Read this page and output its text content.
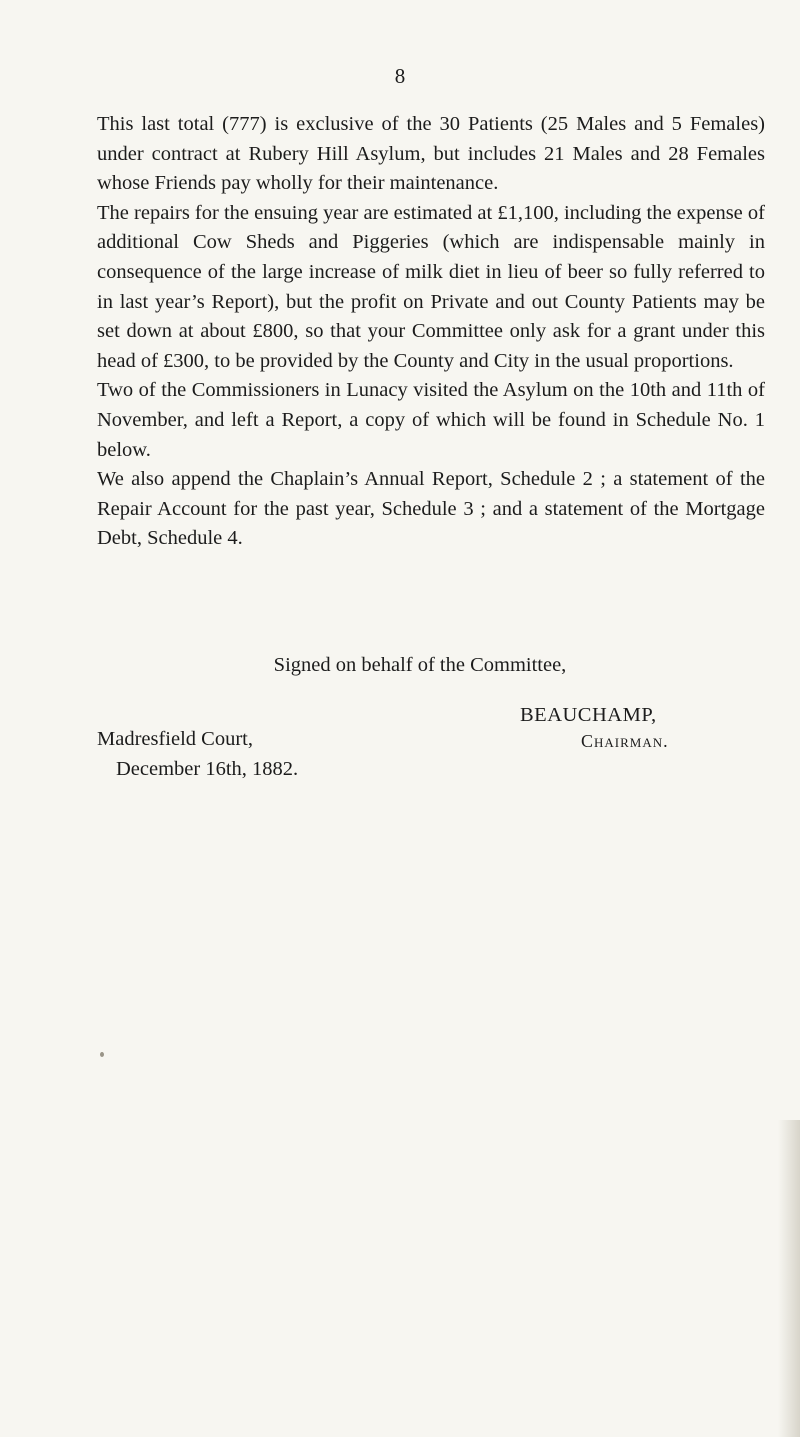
8

This last total (777) is exclusive of the 30 Patients (25 Males and 5 Females) under contract at Rubery Hill Asylum, but includes 21 Males and 28 Females whose Friends pay wholly for their maintenance.

The repairs for the ensuing year are estimated at £1,100, including the expense of additional Cow Sheds and Piggeries (which are indispensable mainly in consequence of the large increase of milk diet in lieu of beer so fully referred to in last year’s Report), but the profit on Private and out County Patients may be set down at about £800, so that your Committee only ask for a grant under this head of £300, to be provided by the County and City in the usual proportions.

Two of the Commissioners in Lunacy visited the Asylum on the 10th and 11th of November, and left a Report, a copy of which will be found in Schedule No. 1 below.

We also append the Chaplain’s Annual Report, Schedule 2 ; a statement of the Repair Account for the past year, Schedule 3 ; and a statement of the Mortgage Debt, Schedule 4.

Signed on behalf of the Committee,
BEAUCHAMP,
Madresfield Court,	Chairman.
December 16th, 1882.
